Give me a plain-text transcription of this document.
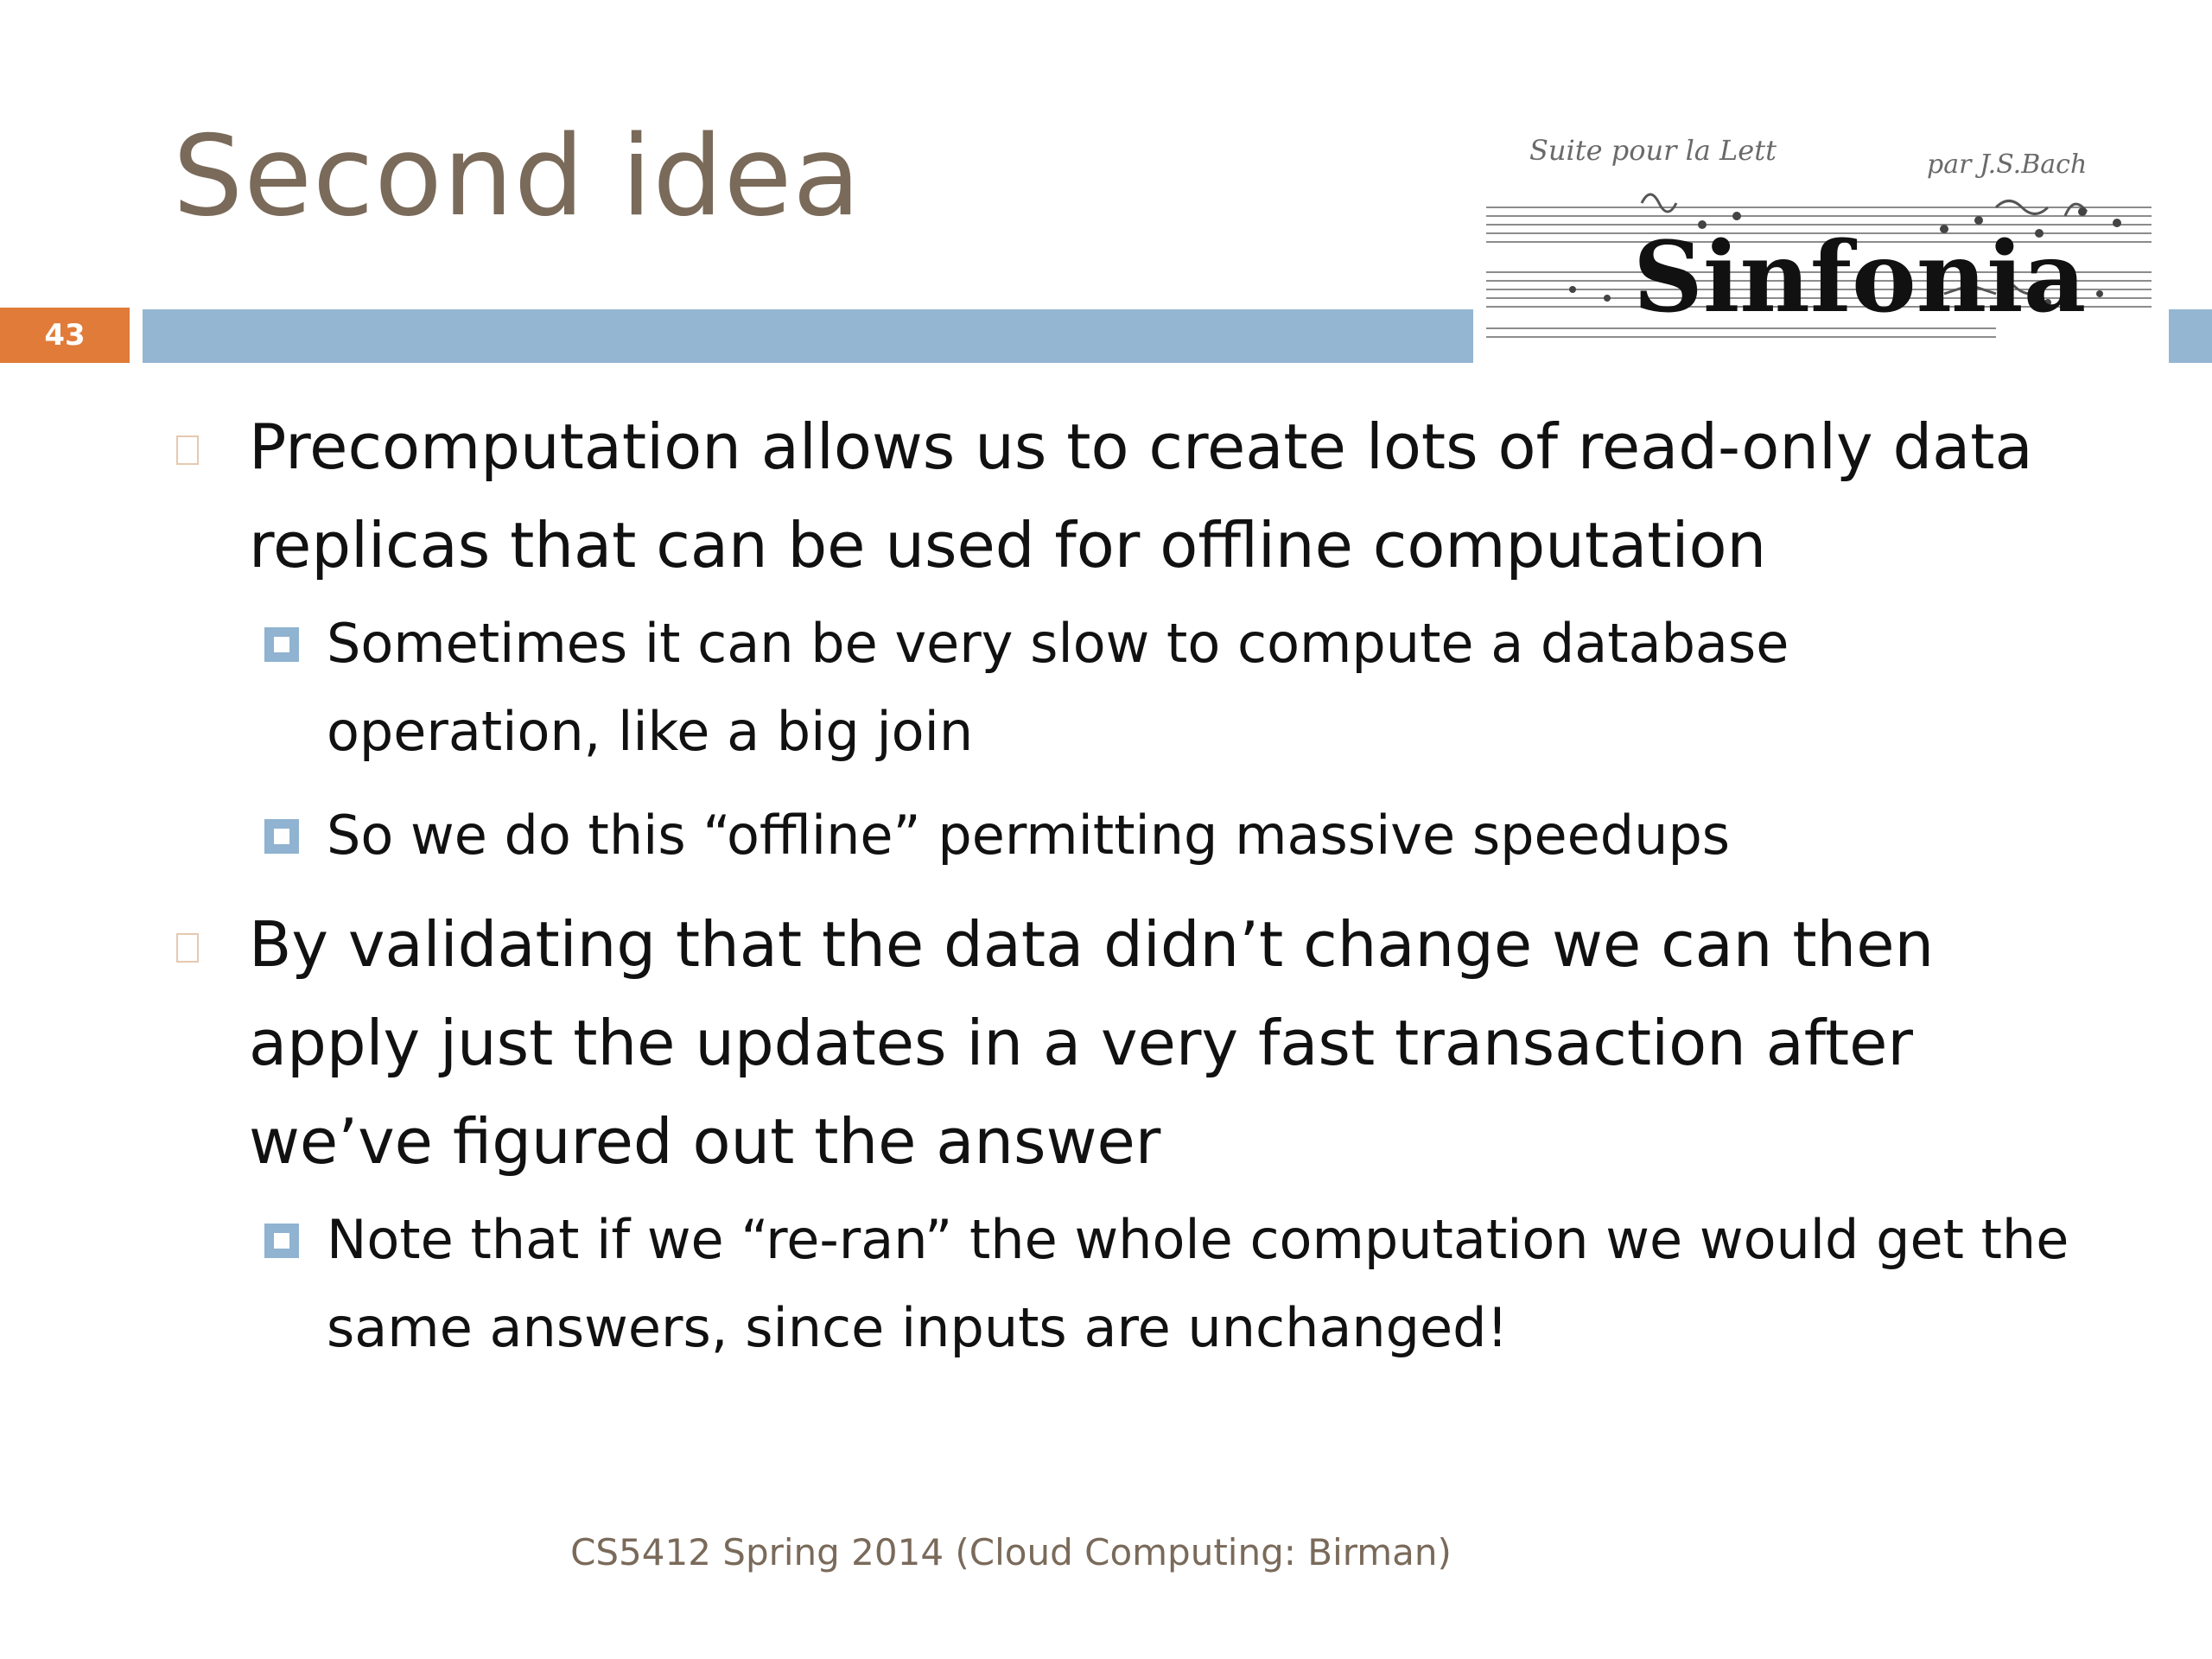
Second idea	Suite pour la Lett	par J.S.Bach
Sinfonia
43
Precomputation allows us to create lots of read-only data replicas that can be used for offline computation
Sometimes it can be very slow to compute a database operation, like a big join
So we do this “offline” permitting massive speedups
By validating that the data didn’t change we can then apply just the updates in a very fast transaction after we’ve figured out the answer
Note that if we “re-ran” the whole computation we would get the same answers, since inputs are unchanged!
CS5412 Spring 2014 (Cloud Computing: Birman)
